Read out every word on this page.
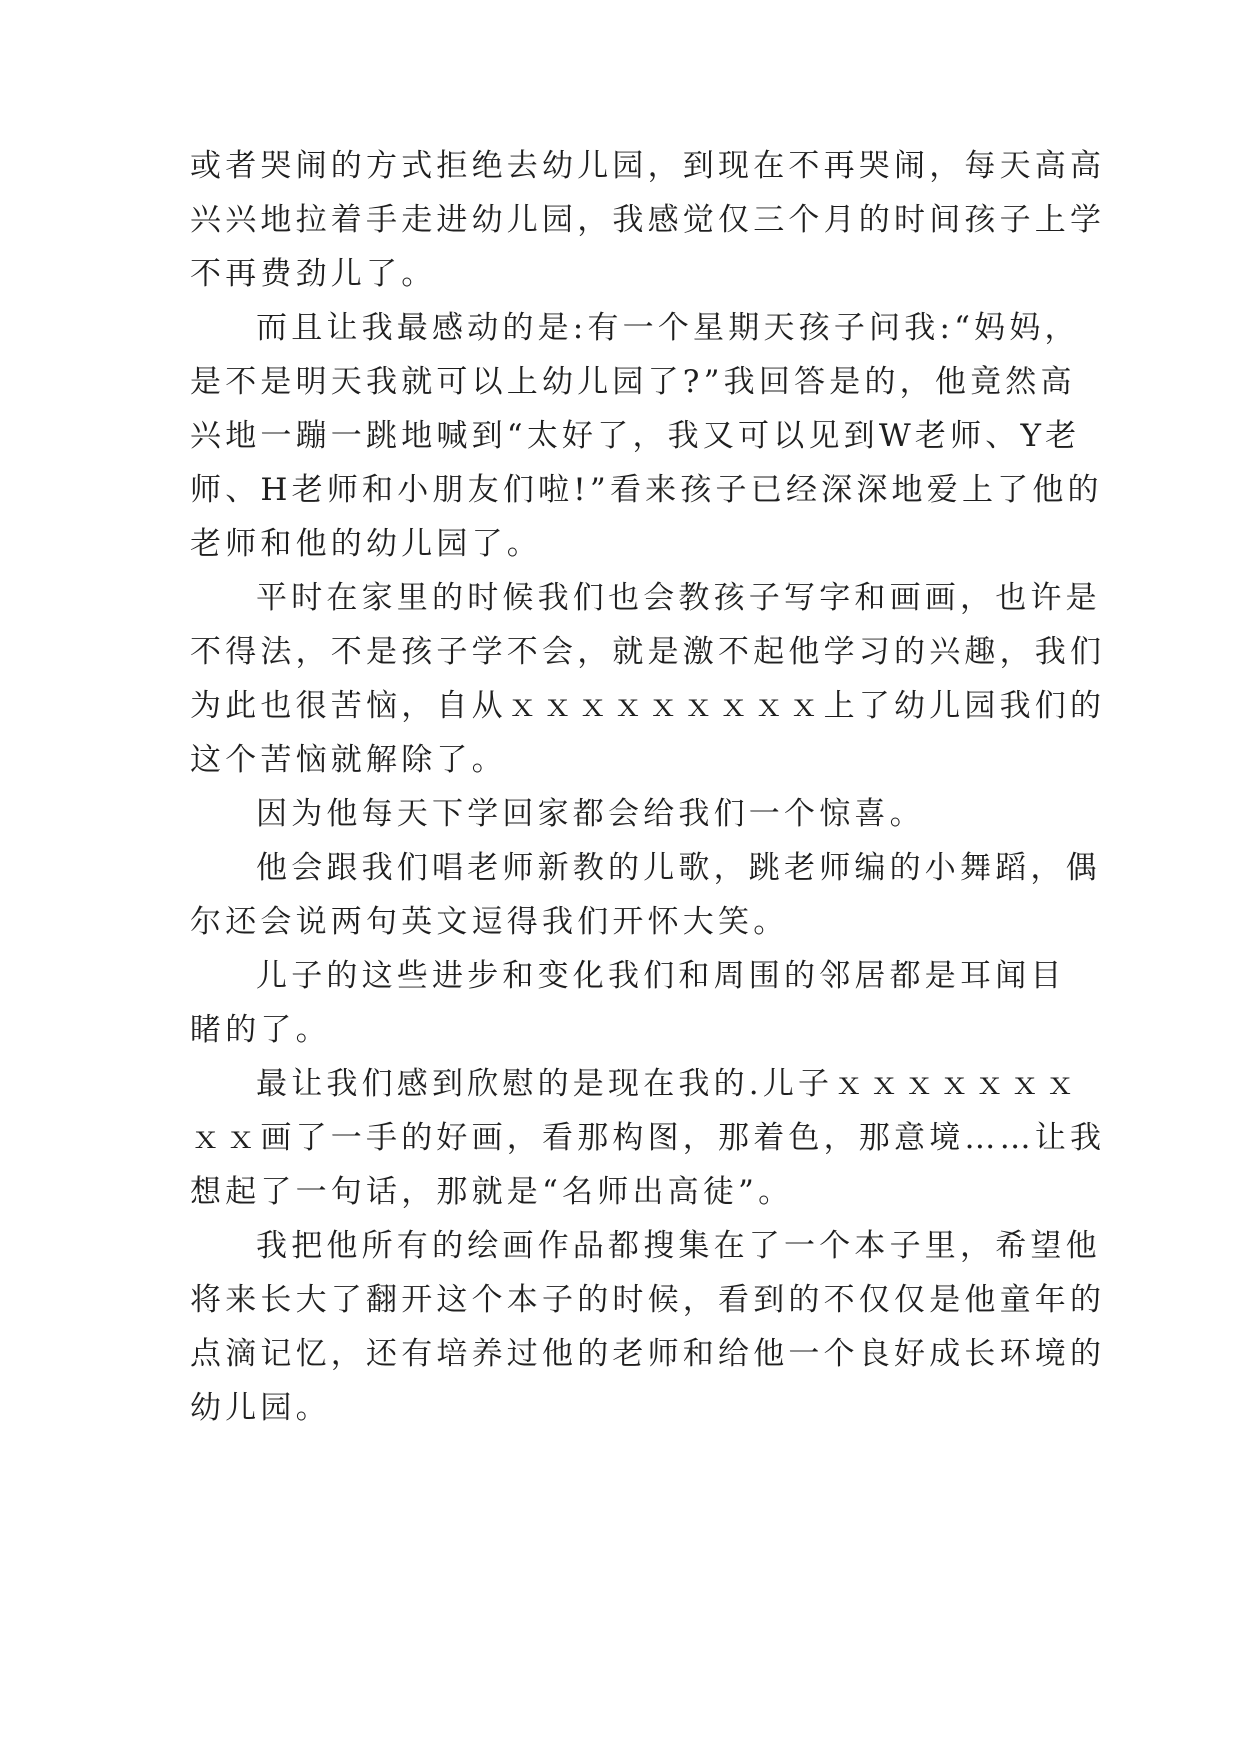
或者哭闹的方式拒绝去幼儿园，到现在不再哭闹，每天高高
兴兴地拉着手走进幼儿园，我感觉仅三个月的时间孩子上学
不再费劲儿了。
而且让我最感动的是:有一个星期天孩子问我:“妈妈，
是不是明天我就可以上幼儿园了?”我回答是的，他竟然高
兴地一蹦一跳地喊到“太好了，我又可以见到W老师、Y老
师、H老师和小朋友们啦!”看来孩子已经深深地爱上了他的
老师和他的幼儿园了。
平时在家里的时候我们也会教孩子写字和画画，也许是
不得法，不是孩子学不会，就是激不起他学习的兴趣，我们
为此也很苦恼，自从ｘｘｘｘｘｘｘｘｘ上了幼儿园我们的
这个苦恼就解除了。
因为他每天下学回家都会给我们一个惊喜。
他会跟我们唱老师新教的儿歌，跳老师编的小舞蹈，偶
尔还会说两句英文逗得我们开怀大笑。
儿子的这些进步和变化我们和周围的邻居都是耳闻目
睹的了。
最让我们感到欣慰的是现在我的.儿子ｘｘｘｘｘｘｘ
ｘｘ画了一手的好画，看那构图，那着色，那意境……让我
想起了一句话，那就是“名师出高徒”。
我把他所有的绘画作品都搜集在了一个本子里，希望他
将来长大了翻开这个本子的时候，看到的不仅仅是他童年的
点滴记忆，还有培养过他的老师和给他一个良好成长环境的
幼儿园。
